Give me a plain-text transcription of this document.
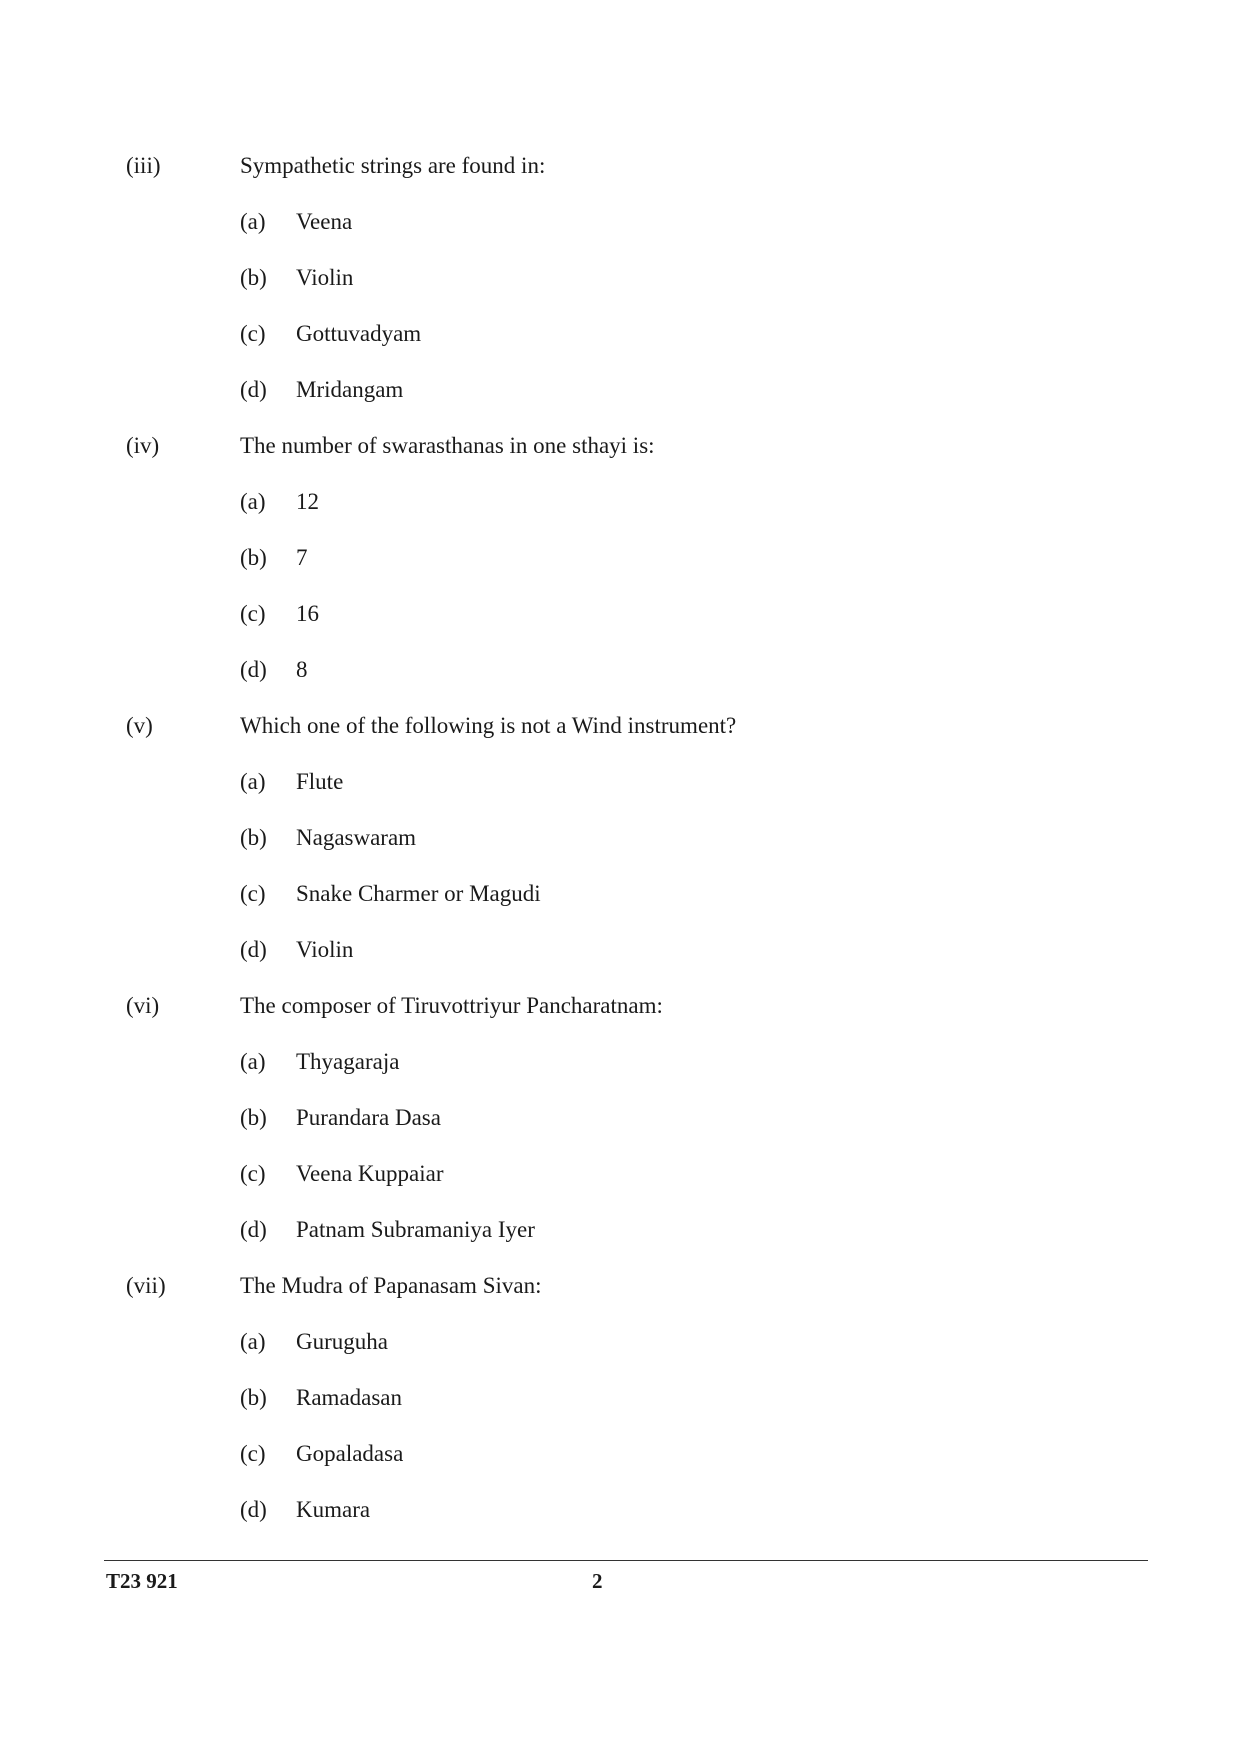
(iii)	Sympathetic strings are found in:
(a) Veena
(b) Violin
(c) Gottuvadyam
(d) Mridangam
(iv)	The number of swarasthanas in one sthayi is:
(a) 12
(b) 7
(c) 16
(d) 8
(v)	Which one of the following is not a Wind instrument?
(a) Flute
(b) Nagaswaram
(c) Snake Charmer or Magudi
(d) Violin
(vi)	The composer of Tiruvottriyur Pancharatnam:
(a) Thyagaraja
(b) Purandara Dasa
(c) Veena Kuppaiar
(d) Patnam Subramaniya Iyer
(vii)	The Mudra of Papanasam Sivan:
(a) Guruguha
(b) Ramadasan
(c) Gopaladasa
(d) Kumara
T23 921	2
